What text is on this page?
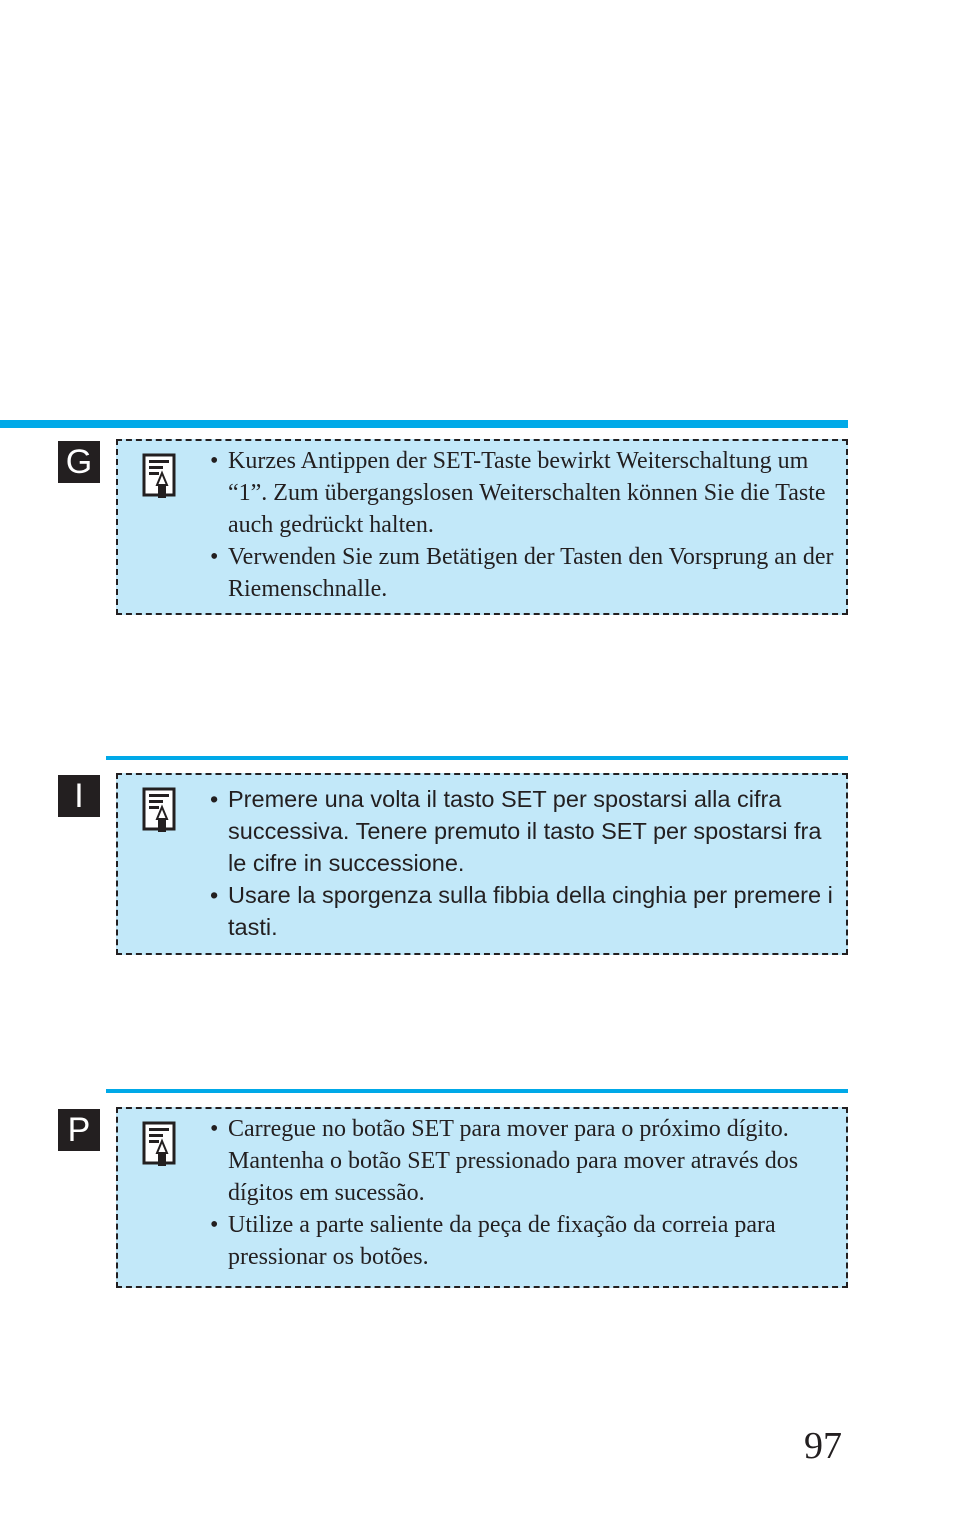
G	• Kurzes Antippen der SET-Taste bewirkt Weiterschaltung um “1”. Zum übergangslosen Weiterschalten können Sie die Taste auch gedrückt halten.
• Verwenden Sie zum Betätigen der Tasten den Vorsprung an der Riemenschnalle.
I	• Premere una volta il tasto SET per spostarsi alla cifra successiva. Tenere premuto il tasto SET per spostarsi fra le cifre in successione.
• Usare la sporgenza sulla fibbia della cinghia per premere i tasti.
P	• Carregue no botão SET para mover para o próximo dígito. Mantenha o botão SET pressionado para mover através dos dígitos em sucessão.
• Utilize a parte saliente da peça de fixação da correia para pressionar os botões.
97
